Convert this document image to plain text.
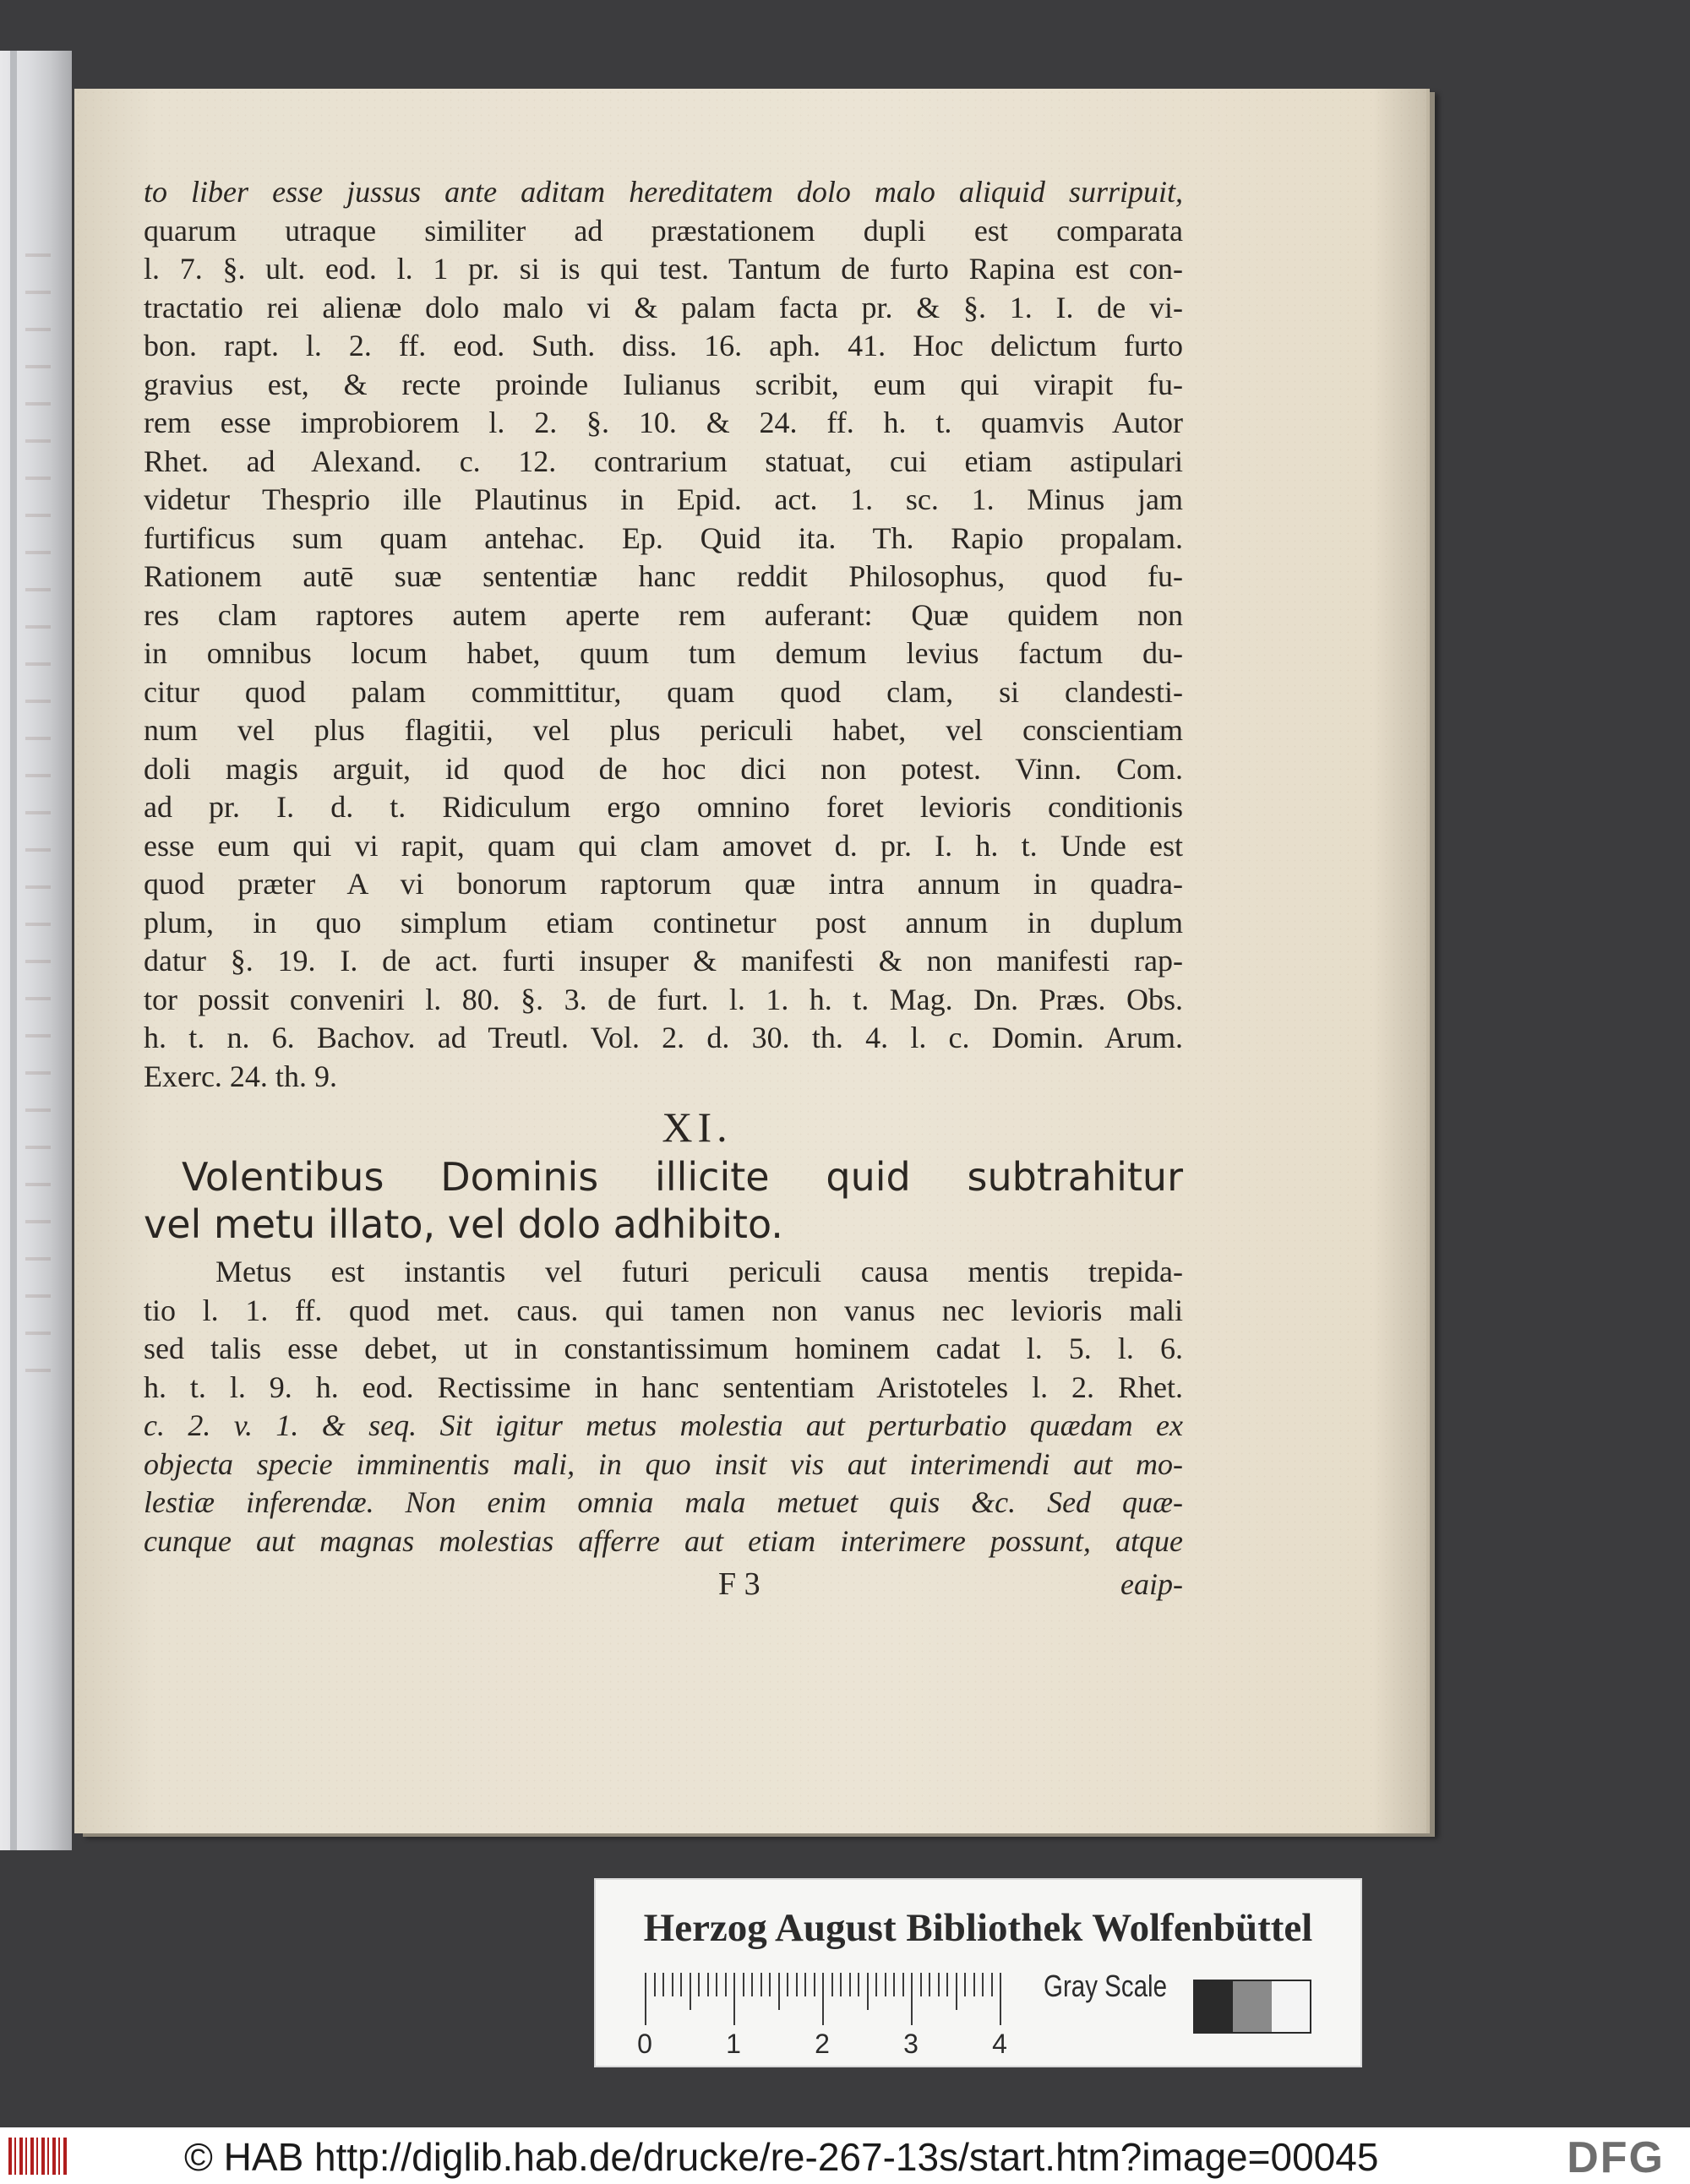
to liber esse jussus ante aditam hereditatem dolo malo aliquid surripuit,
quarum utraque similiter ad præstationem dupli est comparata
l. 7. §. ult. eod. l. 1 pr. si is qui test. Tantum de furto Rapina est con-
tractatio rei alienæ dolo malo vi & palam facta pr. & §. 1. I. de vi-
bon. rapt. l. 2. ff. eod. Suth. diss. 16. aph. 41. Hoc delictum furto
gravius est, & recte proinde Iulianus scribit, eum qui virapit fu-
rem esse improbiorem l. 2. §. 10. & 24. ff. h. t. quamvis Autor
Rhet. ad Alexand. c. 12. contrarium statuat, cui etiam astipulari
videtur Thesprio ille Plautinus in Epid. act. 1. sc. 1. Minus jam
furtificus sum quam antehac. Ep. Quid ita. Th. Rapio propalam.
Rationem autē suæ sententiæ hanc reddit Philosophus, quod fu-
res clam raptores autem aperte rem auferant: Quæ quidem non
in omnibus locum habet, quum tum demum levius factum du-
citur quod palam committitur, quam quod clam, si clandesti-
num vel plus flagitii, vel plus periculi habet, vel conscientiam
doli magis arguit, id quod de hoc dici non potest. Vinn. Com.
ad pr. I. d. t. Ridiculum ergo omnino foret levioris conditionis
esse eum qui vi rapit, quam qui clam amovet d. pr. I. h. t. Unde est
quod præter A vi bonorum raptorum quæ intra annum in quadra-
plum, in quo simplum etiam continetur post annum in duplum
datur §. 19. I. de act. furti insuper & manifesti & non manifesti rap-
tor possit conveniri l. 80. §. 3. de furt. l. 1. h. t. Mag. Dn. Præs. Obs.
h. t. n. 6. Bachov. ad Treutl. Vol. 2. d. 30. th. 4. l. c. Domin. Arum.
Exerc. 24. th. 9.
XI.
Volentibus Dominis illicite quid subtrahitur
vel metu illato, vel dolo adhibito.
Metus est instantis vel futuri periculi causa mentis trepida-
tio l. 1. ff. quod met. caus. qui tamen non vanus nec levioris mali
sed talis esse debet, ut in constantissimum hominem cadat l. 5. l. 6.
h. t. l. 9. h. eod. Rectissime in hanc sententiam Aristoteles l. 2. Rhet.
c. 2. v. 1. & seq. Sit igitur metus molestia aut perturbatio quædam ex
objecta specie imminentis mali, in quo insit vis aut interimendi aut mo-
lestiæ inferendæ. Non enim omnia mala metuet quis &c. Sed quæ-
cunque aut magnas molestias afferre aut etiam interimere possunt, atque
F 3	eaip-
Herzog August Bibliothek Wolfenbüttel
0	1	2	3	4
Gray Scale
© HAB http://diglib.hab.de/drucke/re-267-13s/start.htm?image=00045	DFG
